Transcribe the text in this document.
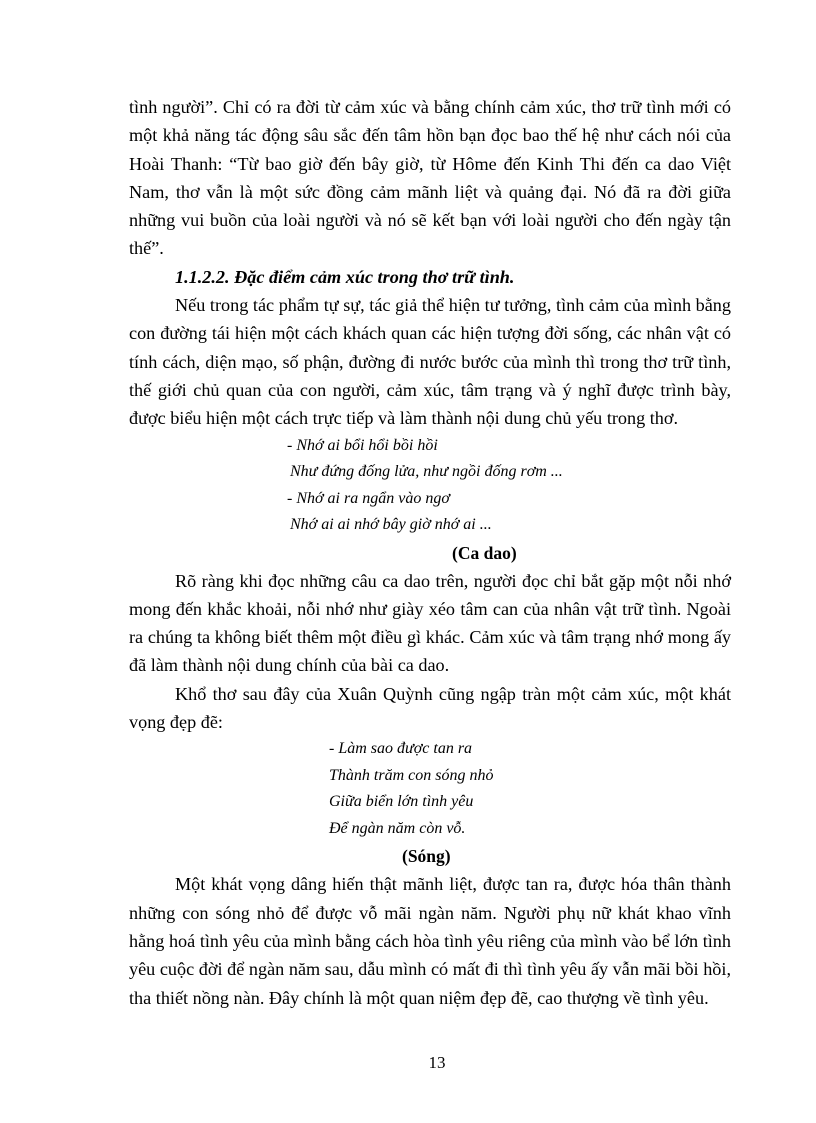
tình người”. Chỉ có ra đời từ cảm xúc và bằng chính cảm xúc, thơ trữ tình mới có một khả năng tác động sâu sắc đến tâm hồn bạn đọc bao thế hệ như cách nói của Hoài Thanh: “Từ bao giờ đến bây giờ, từ Hôme đến Kinh Thi đến ca dao Việt Nam, thơ vẫn là một sức đồng cảm mãnh liệt và quảng đại. Nó đã ra đời giữa những vui buồn của loài người và nó sẽ kết bạn với loài người cho đến ngày tận thế”.

1.1.2.2. Đặc điểm cảm xúc trong thơ trữ tình.

Nếu trong tác phẩm tự sự, tác giả thể hiện tư tưởng, tình cảm của mình bằng con đường tái hiện một cách khách quan các hiện tượng đời sống, các nhân vật có tính cách, diện mạo, số phận, đường đi nước bước của mình thì trong thơ trữ tình, thế giới chủ quan của con người, cảm xúc, tâm trạng và ý nghĩ được trình bày, được biểu hiện một cách trực tiếp và làm thành nội dung chủ yếu trong thơ.

- Nhớ ai bổi hổi bồi hồi
Như đứng đống lửa, như ngồi đống rơm ...
- Nhớ ai ra ngẩn vào ngơ
Nhớ ai ai nhớ bây giờ nhớ ai ...
(Ca dao)

Rõ ràng khi đọc những câu ca dao trên, người đọc chỉ bắt gặp một nỗi nhớ mong đến khắc khoải, nỗi nhớ như giày xéo tâm can của nhân vật trữ tình. Ngoài ra chúng ta không biết thêm một điều gì khác. Cảm xúc và tâm trạng nhớ mong ấy đã làm thành nội dung chính của bài ca dao.

Khổ thơ sau đây của Xuân Quỳnh cũng ngập tràn một cảm xúc, một khát vọng đẹp đẽ:

- Làm sao được tan ra
Thành trăm con sóng nhỏ
Giữa biển lớn tình yêu
Để ngàn năm còn vỗ.
(Sóng)

Một khát vọng dâng hiến thật mãnh liệt, được tan ra, được hóa thân thành những con sóng nhỏ để được vỗ mãi ngàn năm. Người phụ nữ khát khao vĩnh hằng hoá tình yêu của mình bằng cách hòa tình yêu riêng của mình vào bể lớn tình yêu cuộc đời để ngàn năm sau, dẫu mình có mất đi thì tình yêu ấy vẫn mãi bồi hồi, tha thiết nồng nàn. Đây chính là một quan niệm đẹp đẽ, cao thượng về tình yêu.

13
